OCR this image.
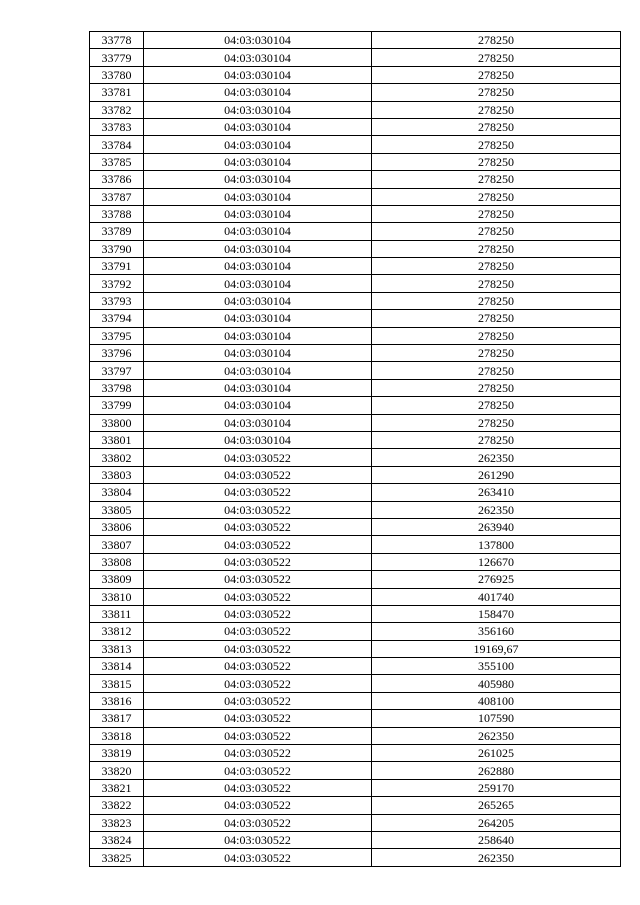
33778	04:03:030104	278250
33779	04:03:030104	278250
33780	04:03:030104	278250
33781	04:03:030104	278250
33782	04:03:030104	278250
33783	04:03:030104	278250
33784	04:03:030104	278250
33785	04:03:030104	278250
33786	04:03:030104	278250
33787	04:03:030104	278250
33788	04:03:030104	278250
33789	04:03:030104	278250
33790	04:03:030104	278250
33791	04:03:030104	278250
33792	04:03:030104	278250
33793	04:03:030104	278250
33794	04:03:030104	278250
33795	04:03:030104	278250
33796	04:03:030104	278250
33797	04:03:030104	278250
33798	04:03:030104	278250
33799	04:03:030104	278250
33800	04:03:030104	278250
33801	04:03:030104	278250
33802	04:03:030522	262350
33803	04:03:030522	261290
33804	04:03:030522	263410
33805	04:03:030522	262350
33806	04:03:030522	263940
33807	04:03:030522	137800
33808	04:03:030522	126670
33809	04:03:030522	276925
33810	04:03:030522	401740
33811	04:03:030522	158470
33812	04:03:030522	356160
33813	04:03:030522	19169,67
33814	04:03:030522	355100
33815	04:03:030522	405980
33816	04:03:030522	408100
33817	04:03:030522	107590
33818	04:03:030522	262350
33819	04:03:030522	261025
33820	04:03:030522	262880
33821	04:03:030522	259170
33822	04:03:030522	265265
33823	04:03:030522	264205
33824	04:03:030522	258640
33825	04:03:030522	262350
